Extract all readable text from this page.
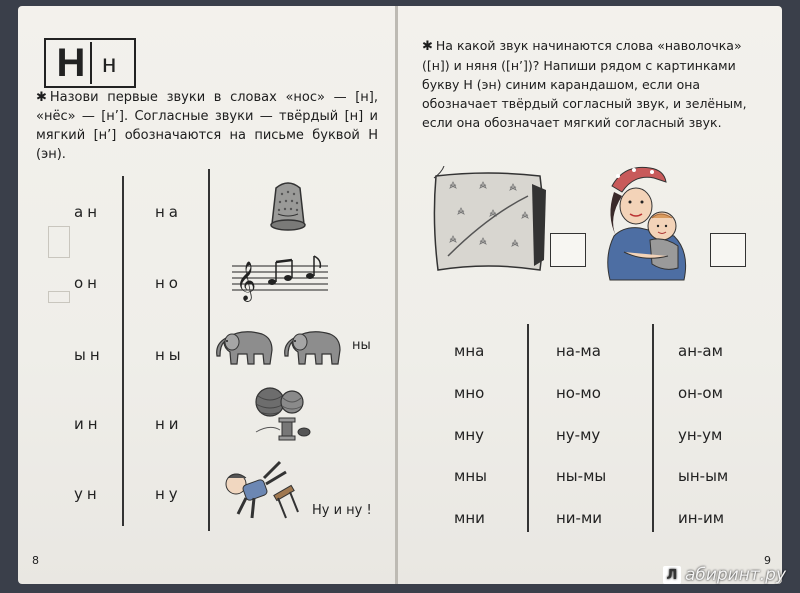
Н н
✱ Назови первые звуки в словах «нос» — [н], «нёс» — [н’]. Согласные звуки — твёрдый [н] и мягкий [н’] обозначаются на письме буквой Н (эн).
ан
он
ын
ин
ун
на
но
ны
ни
ну
𝄞
ны
Ну и ну !
8
✱ На какой звук начинаются слова «наволочка» ([н]) и няня ([н’])? Напиши рядом с картинками букву Н (эн) синим карандашом, если она обозначает твёрдый согласный звук, и зелёным, если она обозначает мягкий согласный звук.
мна
мно
мну
мны
мни
на-ма
но-мо
ну-му
ны-мы
ни-ми
ан-ам
он-ом
ун-ум
ын-ым
ин-им
9
Л абиринт.ру
